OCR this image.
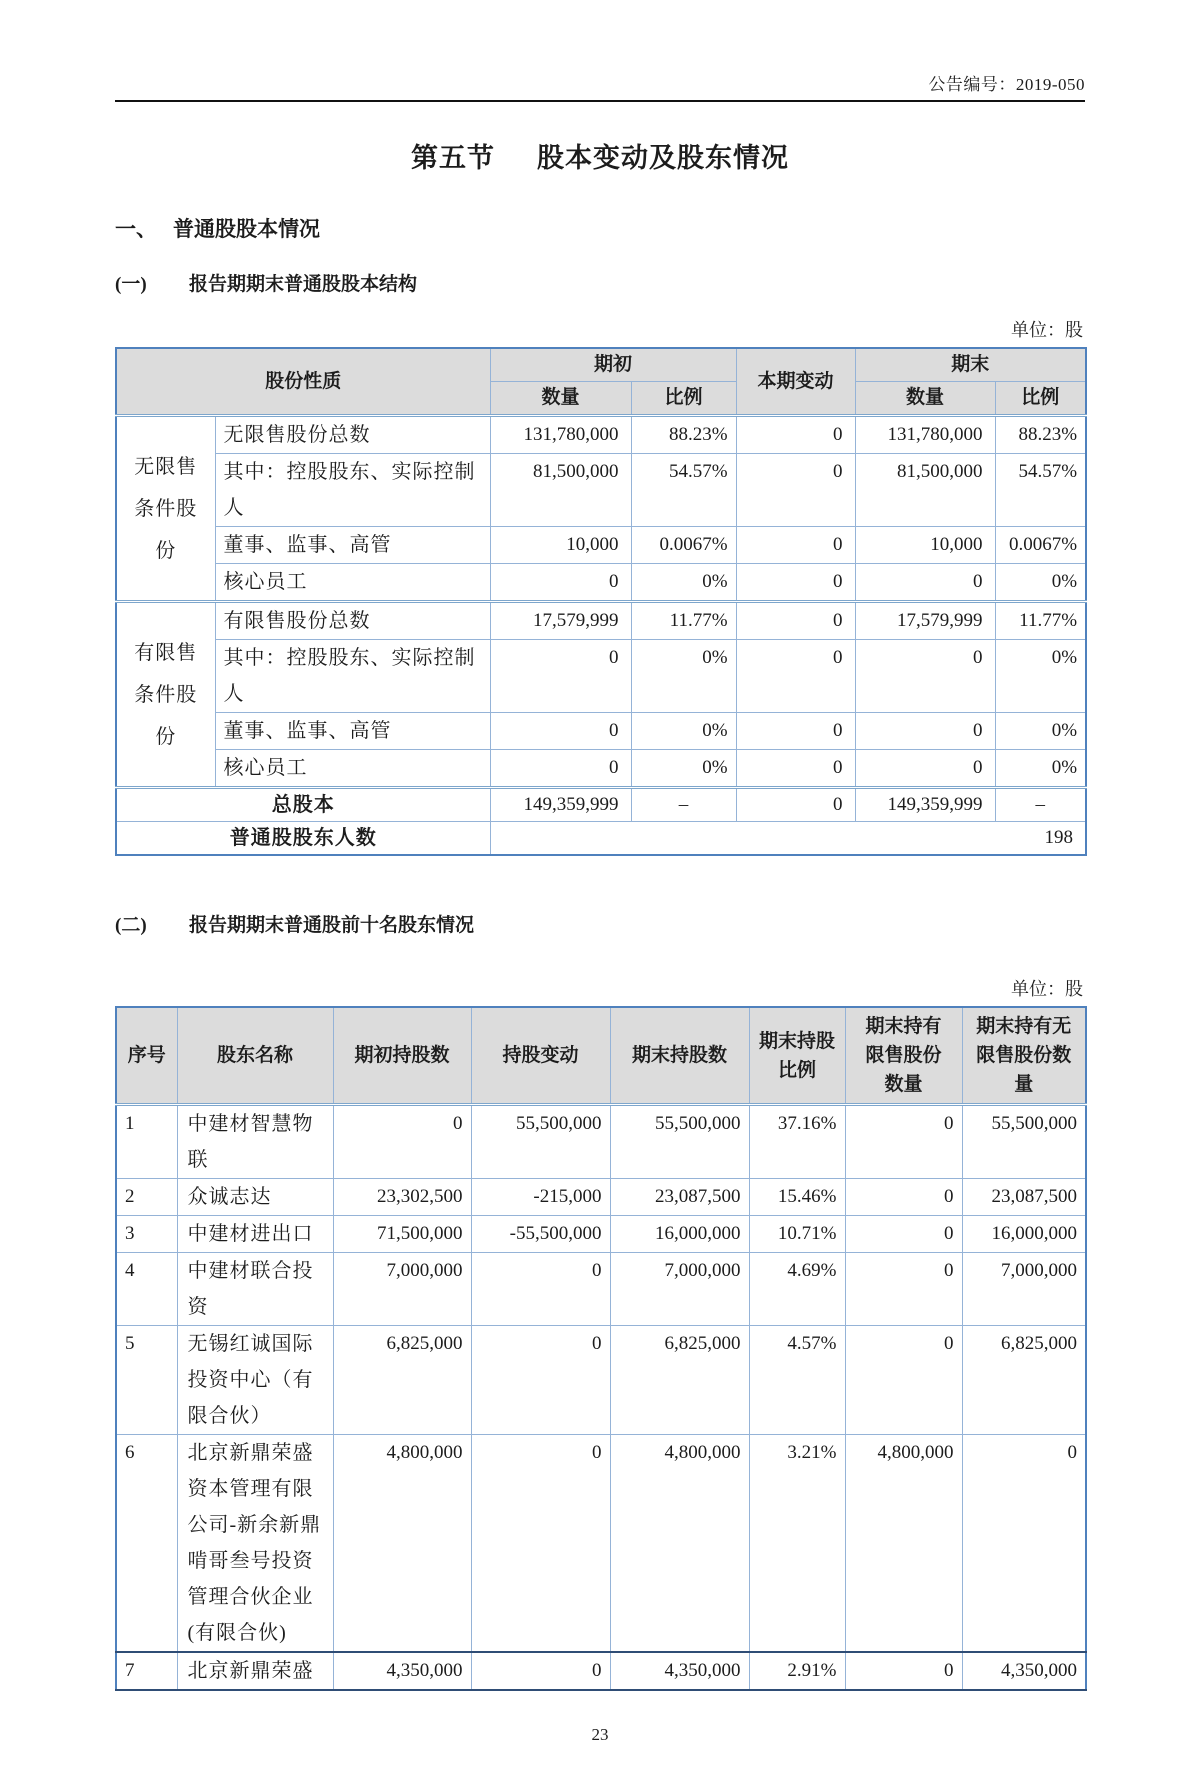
公告编号：2019-050
第五节 股本变动及股东情况
一、 普通股股本情况
(一) 报告期期末普通股股本结构
单位：股
股份性质		期初		本期变动	期末	
		数量	比例		数量	比例
无限售条件股份	无限售股份总数	131,780,000	88.23%	0	131,780,000	88.23%
	其中：控股股东、实际控制人	81,500,000	54.57%	0	81,500,000	54.57%
	董事、监事、高管	10,000	0.0067%	0	10,000	0.0067%
	核心员工	0	0%	0	0	0%
有限售条件股份	有限售股份总数	17,579,999	11.77%	0	17,579,999	11.77%
	其中：控股股东、实际控制人	0	0%	0	0	0%
	董事、监事、高管	0	0%	0	0	0%
	核心员工	0	0%	0	0	0%
总股本		149,359,999	–	0	149,359,999	–
普通股股东人数		198				
(二) 报告期期末普通股前十名股东情况
单位：股
序号	股东名称	期初持股数	持股变动	期末持股数	期末持股比例	期末持有限售股份数量	期末持有无限售股份数量
1	中建材智慧物联	0	55,500,000	55,500,000	37.16%	0	55,500,000
2	众诚志达	23,302,500	-215,000	23,087,500	15.46%	0	23,087,500
3	中建材进出口	71,500,000	-55,500,000	16,000,000	10.71%	0	16,000,000
4	中建材联合投资	7,000,000	0	7,000,000	4.69%	0	7,000,000
5	无锡红诚国际投资中心（有限合伙）	6,825,000	0	6,825,000	4.57%	0	6,825,000
6	北京新鼎荣盛资本管理有限公司-新余新鼎啃哥叁号投资管理合伙企业(有限合伙)	4,800,000	0	4,800,000	3.21%	4,800,000	0
7	北京新鼎荣盛	4,350,000	0	4,350,000	2.91%	0	4,350,000
23
